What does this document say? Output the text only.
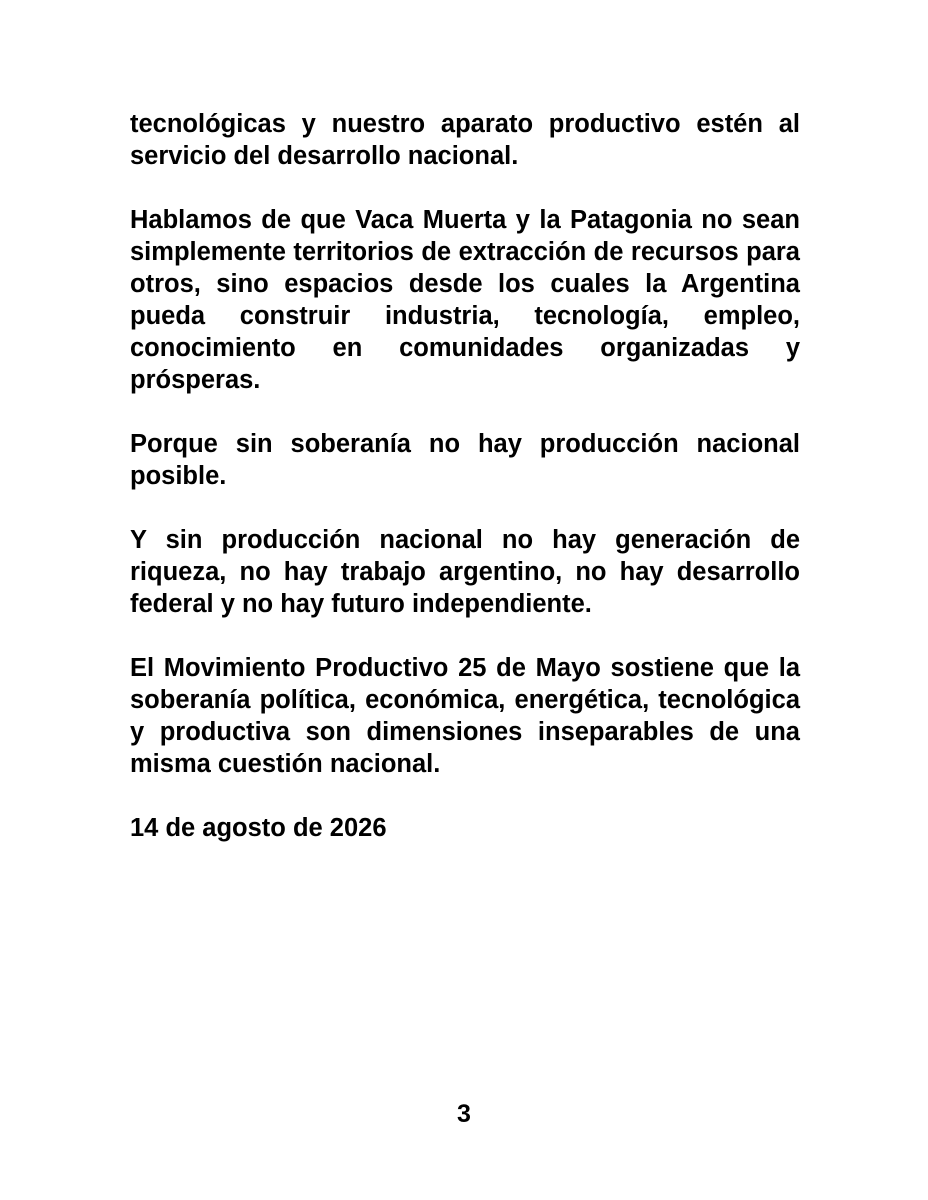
tecnológicas y nuestro aparato productivo estén al servicio del desarrollo nacional.

Hablamos de que Vaca Muerta y la Patagonia no sean simplemente territorios de extracción de recursos para otros, sino espacios desde los cuales la Argentina pueda construir industria, tecnología, empleo, conocimiento en comunidades organizadas y prósperas.

Porque sin soberanía no hay producción nacional posible.

Y sin producción nacional no hay generación de riqueza, no hay trabajo argentino, no hay desarrollo federal y no hay futuro independiente.

El Movimiento Productivo 25 de Mayo sostiene que la soberanía política, económica, energética, tecnológica y productiva son dimensiones inseparables de una misma cuestión nacional.

14 de agosto de 2026

3
